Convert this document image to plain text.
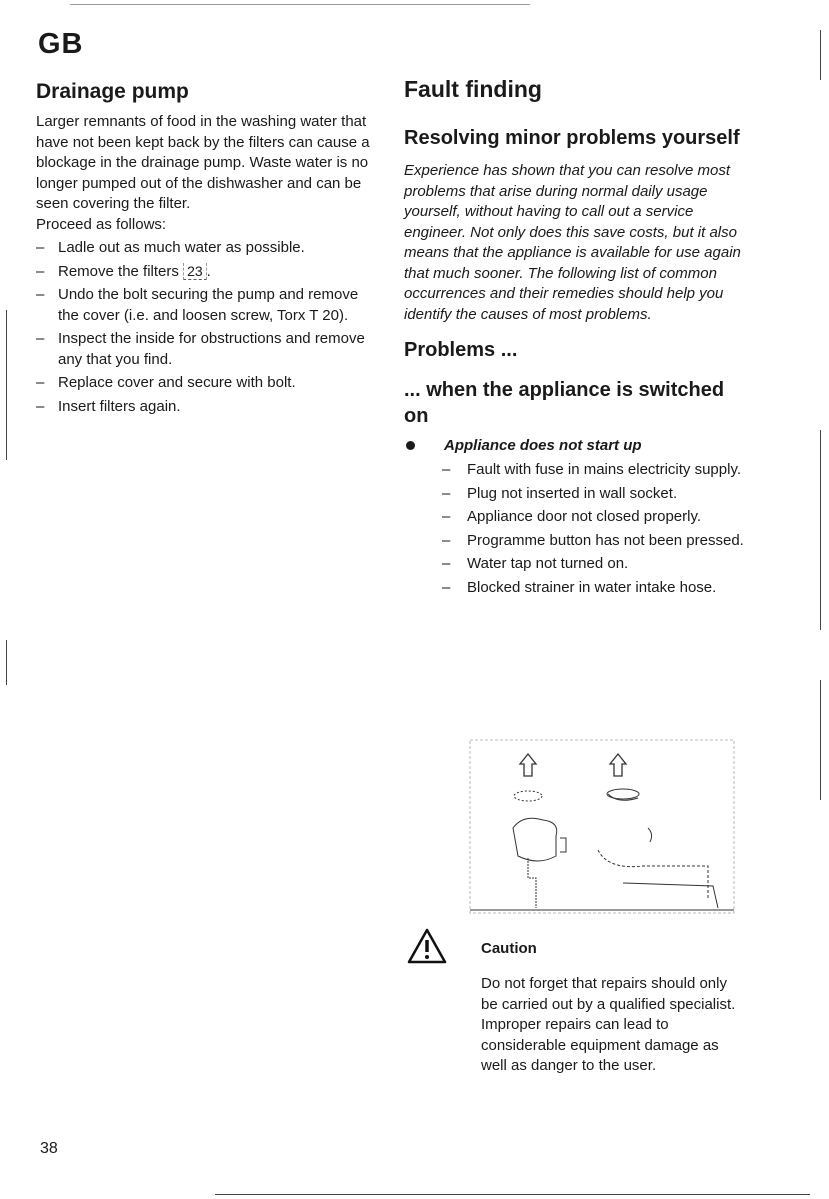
GB
Drainage pump

Larger remnants of food in the washing water that have not been kept back by the filters can cause a blockage in the drainage pump. Waste water is no longer pumped out of the dishwasher and can be seen covering the filter.

Proceed as follows:

– Ladle out as much water as possible.
– Remove the filters 23 .
– Undo the bolt securing the pump and remove the cover (i.e. and loosen screw, Torx T 20).
– Inspect the inside for obstructions and remove any that you find.
– Replace cover and secure with bolt.
– Insert filters again.
Fault finding
Resolving minor problems yourself

Experience has shown that you can resolve most problems that arise during normal daily usage yourself, without having to call out a service engineer. Not only does this save costs, but it also means that the appliance is available for use again that much sooner. The following list of common occurrences and their remedies should help you identify the causes of most problems.

Problems ...
... when the appliance is switched on
Appliance does not start up
– Fault with fuse in mains electricity supply.
– Plug not inserted in wall socket.
– Appliance door not closed properly.
– Programme button has not been pressed.
– Water tap not turned on.
– Blocked strainer in water intake hose.
Caution
Do not forget that repairs should only be carried out by a qualified specialist. Improper repairs can lead to considerable equipment damage as well as danger to the user.
38
